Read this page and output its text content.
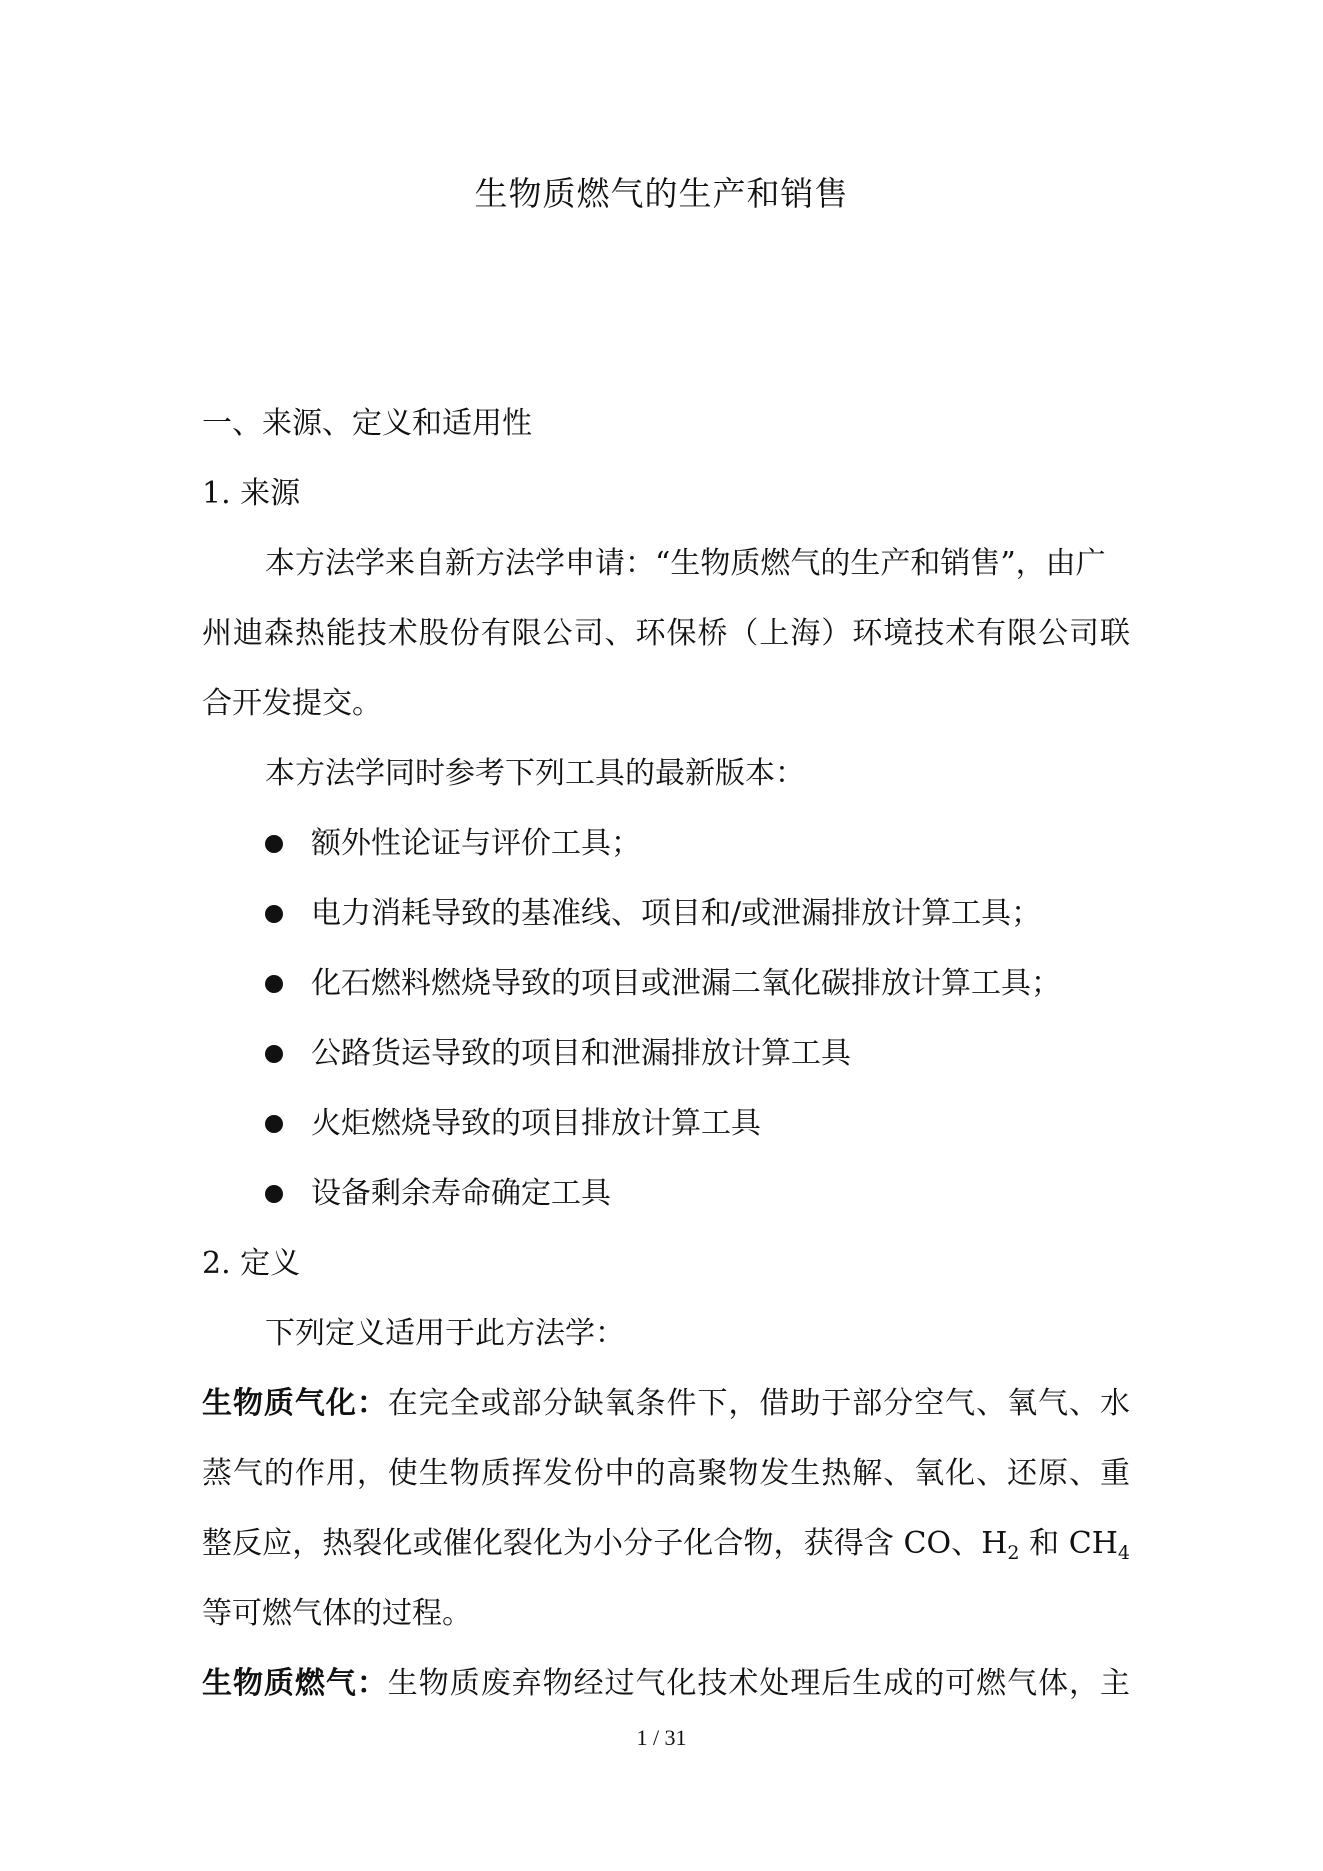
生物质燃气的生产和销售
一、来源、定义和适用性
1. 来源
本方法学来自新方法学申请：“生物质燃气的生产和销售”，由广
州迪森热能技术股份有限公司、环保桥（上海）环境技术有限公司联
合开发提交。
本方法学同时参考下列工具的最新版本：
额外性论证与评价工具；
电力消耗导致的基准线、项目和/或泄漏排放计算工具；
化石燃料燃烧导致的项目或泄漏二氧化碳排放计算工具；
公路货运导致的项目和泄漏排放计算工具
火炬燃烧导致的项目排放计算工具
设备剩余寿命确定工具
2. 定义
下列定义适用于此方法学：
生物质气化：在完全或部分缺氧条件下，借助于部分空气、氧气、水
蒸气的作用，使生物质挥发份中的高聚物发生热解、氧化、还原、重
整反应，热裂化或催化裂化为小分子化合物，获得含 CO、$H_2$ 和 $CH_4$
等可燃气体的过程。
生物质燃气：生物质废弃物经过气化技术处理后生成的可燃气体，主
1 / 31
